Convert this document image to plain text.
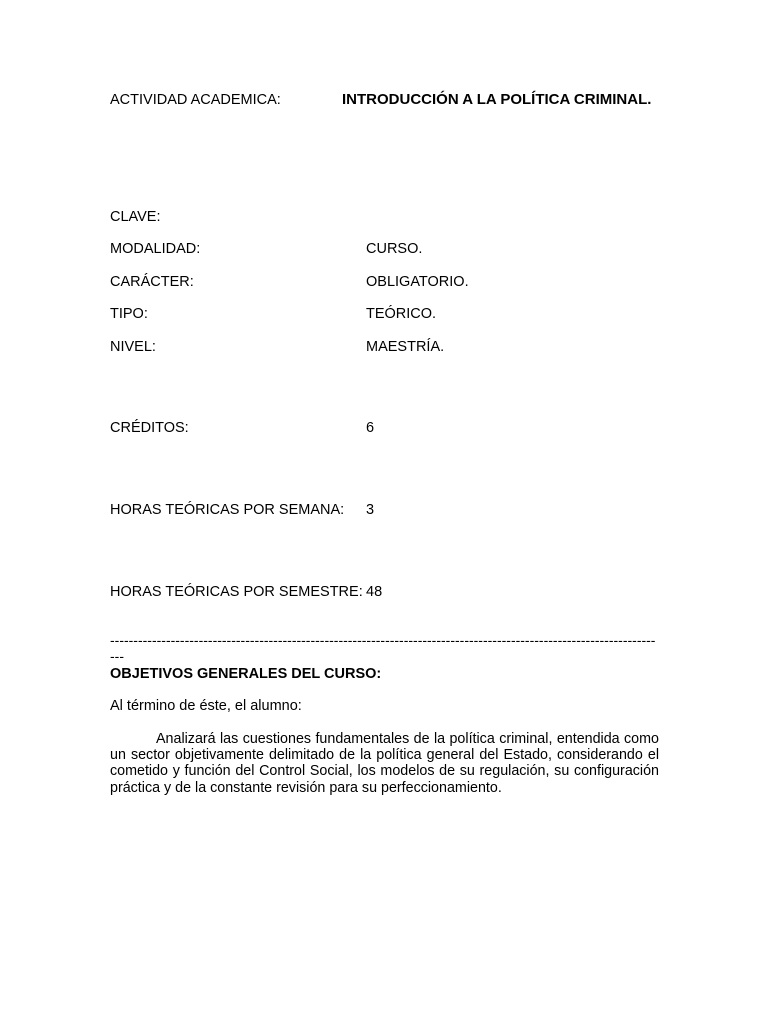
ACTIVIDAD ACADEMICA:	INTRODUCCIÓN A LA POLÍTICA CRIMINAL.
CLAVE:
MODALIDAD:	CURSO.
CARÁCTER:	OBLIGATORIO.
TIPO:	TEÓRICO.
NIVEL:	MAESTRÍA.
CRÉDITOS:	6
HORAS TEÓRICAS POR SEMANA: 3
HORAS TEÓRICAS POR SEMESTRE: 48
------------------------------------------------------------------------------------------------------------------------
OBJETIVOS GENERALES DEL CURSO:
Al término de éste, el alumno:
Analizará las cuestiones fundamentales de la política criminal, entendida como un sector objetivamente delimitado de la política general del Estado, considerando el cometido y función del Control Social, los modelos de su regulación, su configuración práctica y de la constante revisión para su perfeccionamiento.
